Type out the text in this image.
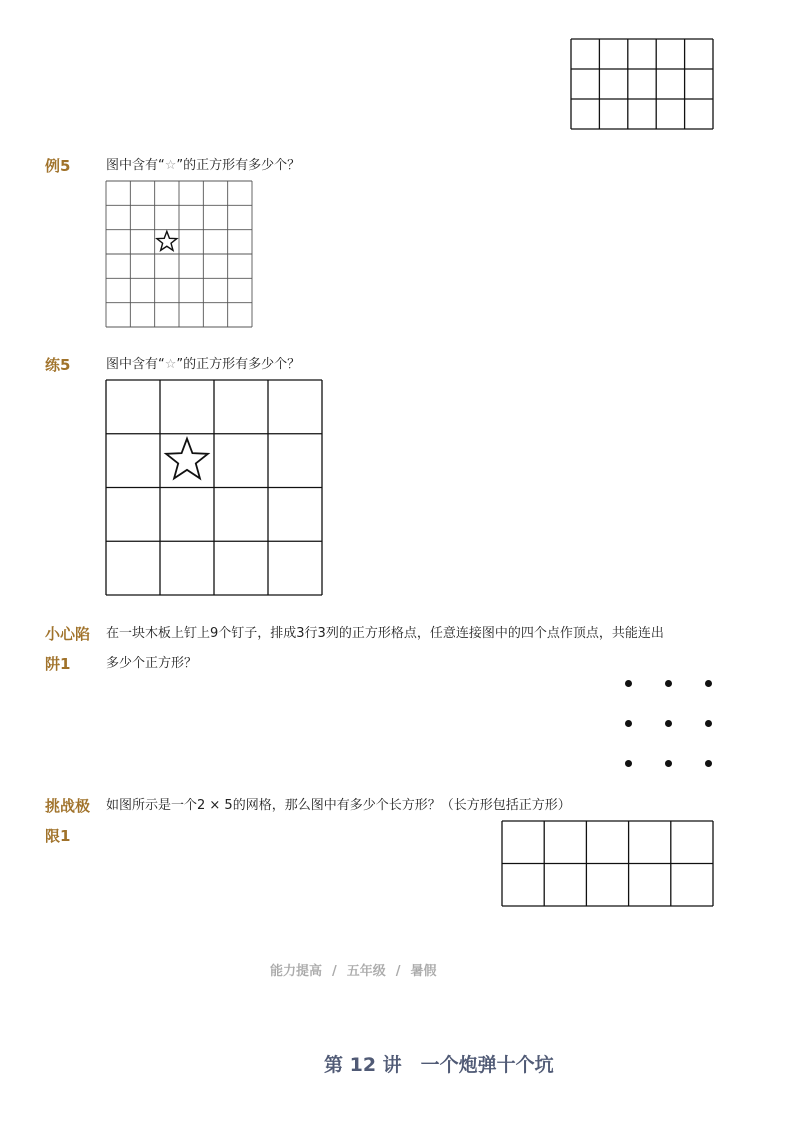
例5	图中含有“☆”的正方形有多少个？
练5	图中含有“☆”的正方形有多少个？
小心陷
阱1
在一块木板上钉上9个钉子，排成3行3列的正方形格点，任意连接图中的四个点作顶点，共能连出
多少个正方形？
挑战极
限1
如图所示是一个2 × 5的网格，那么图中有多少个长方形？（长方形包括正方形）
能力提高 / 五年级 / 暑假
第 12 讲　一个炮弹十个坑
